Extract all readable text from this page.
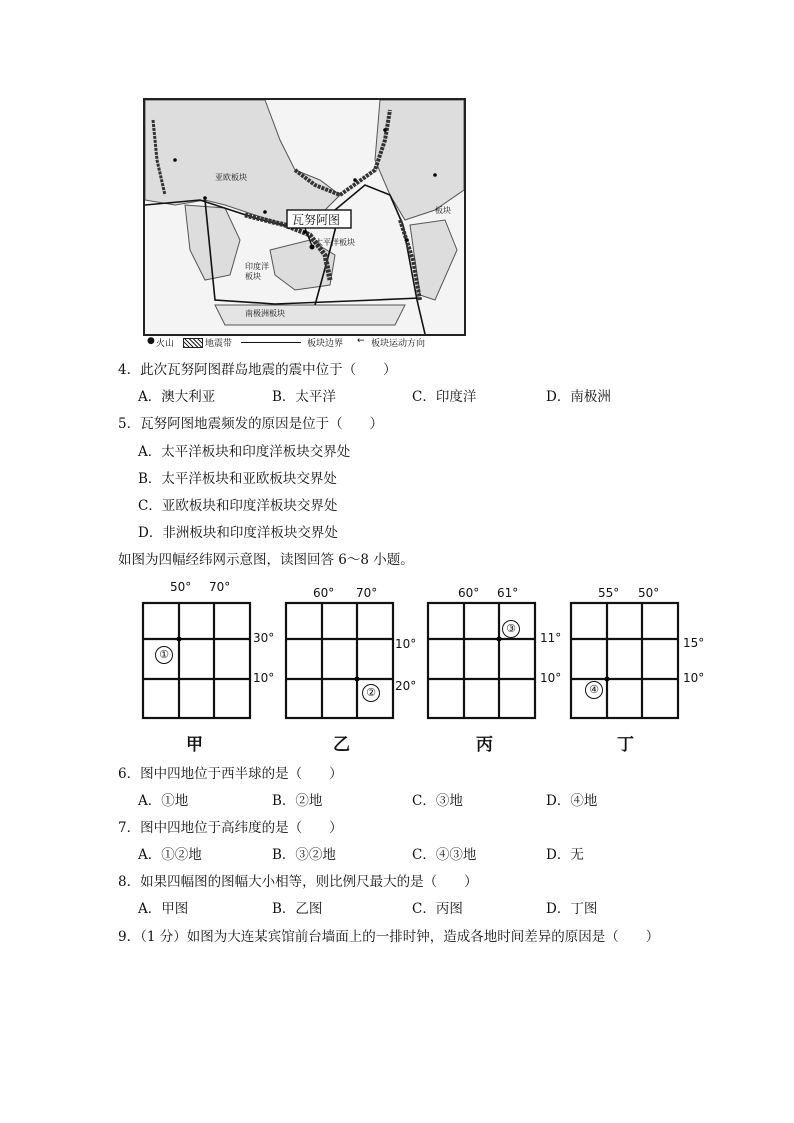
瓦努阿图
亚欧板块
太平洋板块
印度洋板块
南极洲板块
板块
● 火山	地震带	板块边界 ← 板块运动方向
4．此次瓦努阿图群岛地震的震中位于（　　）
A．澳大利亚	B．太平洋	C．印度洋	D．南极洲
5．瓦努阿图地震频发的原因是位于（　　）
A．太平洋板块和印度洋板块交界处
B．太平洋板块和亚欧板块交界处
C．亚欧板块和印度洋板块交界处
D．非洲板块和印度洋板块交界处
如图为四幅经纬网示意图，读图回答 6～8 小题。
50° 70°
30°
10°
①
甲
60° 70°
10°
20°
②
乙
60° 61°
11°
10°
③
丙
55° 50°
15°
10°
④
丁
6．图中四地位于西半球的是（　　）
A．①地	B．②地	C．③地	D．④地
7．图中四地位于高纬度的是（　　）
A．①②地	B．③②地	C．④③地	D．无
8．如果四幅图的图幅大小相等，则比例尺最大的是（　　）
A．甲图	B．乙图	C．丙图	D．丁图
9．（1 分）如图为大连某宾馆前台墙面上的一排时钟，造成各地时间差异的原因是（　　）
